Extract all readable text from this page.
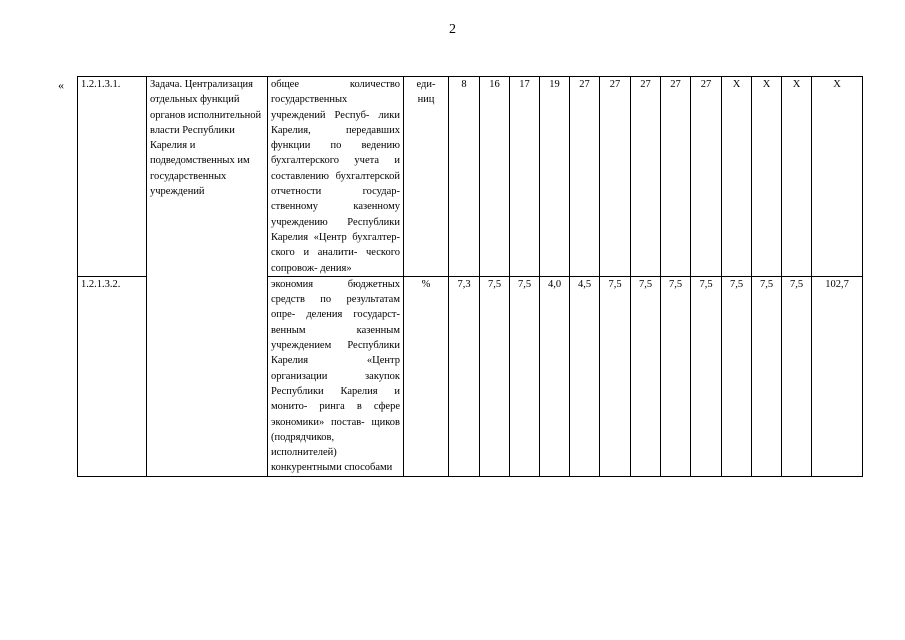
2
« 1.2.1.3.1.	Задача. Централизация отдельных функций органов исполнительной власти Республики Карелия и подведомственных им государственных учреждений	общее количество государственных учреждений Респуб- лики Карелия, передавших функции по ведению бухгалтерского учета и составлению бухгалтерской отчетности государ- ственному казенному учреждению Республики Карелия «Центр бухгалтер- ского и аналити- ческого сопровож- дения»	еди- ниц	8	16	17	19	27	27	27	27	27	X	X	X	X
1.2.1.3.2.		экономия бюджетных средств по результатам опре- деления государст- венным казенным учреждением Республики Карелия «Центр организации закупок Республики Карелия и монито- ринга в сфере экономики» постав- щиков (подрядчиков, исполнителей) конкурентными способами	%	7,3	7,5	7,5	4,0	4,5	7,5	7,5	7,5	7,5	7,5	7,5	7,5	102,7
